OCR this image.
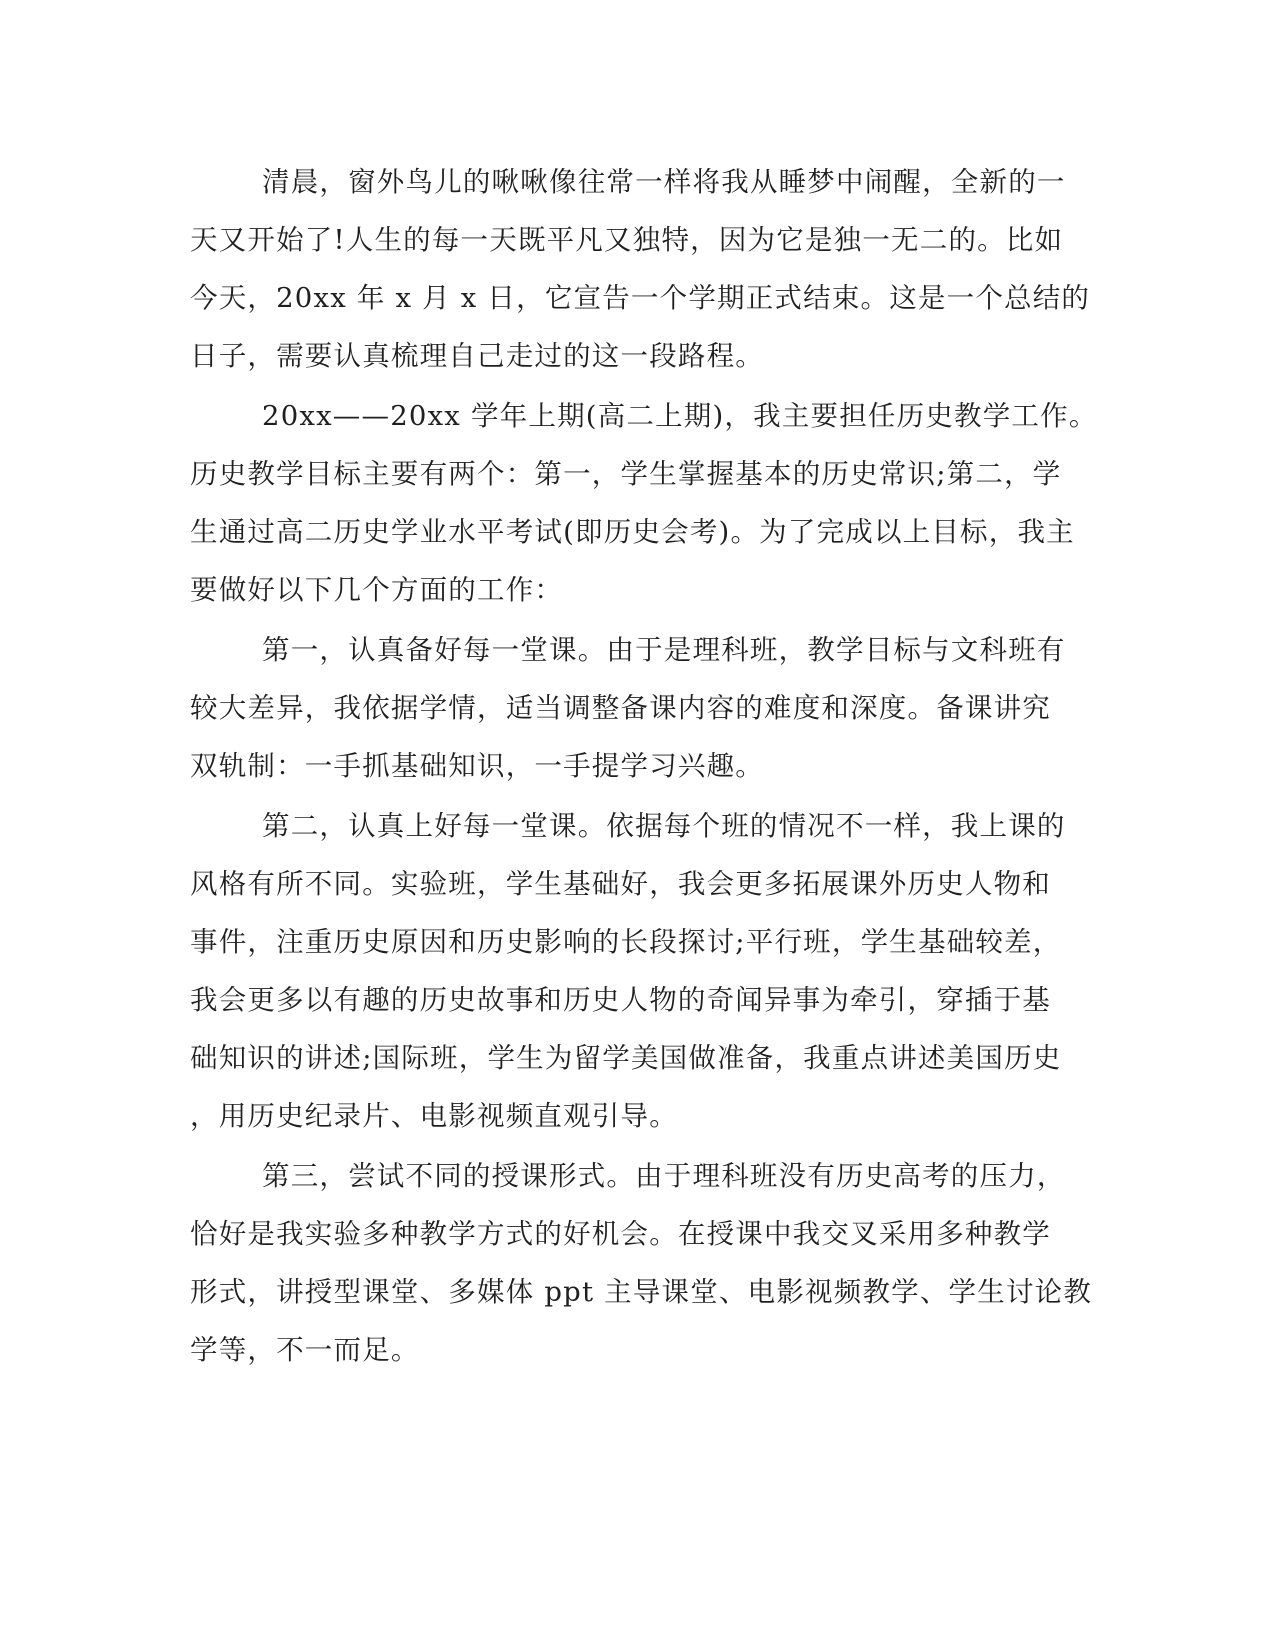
清晨，窗外鸟儿的啾啾像往常一样将我从睡梦中闹醒，全新的一
天又开始了!人生的每一天既平凡又独特，因为它是独一无二的。比如
今天，20xx 年 x 月 x 日，它宣告一个学期正式结束。这是一个总结的
日子，需要认真梳理自己走过的这一段路程。
20xx——20xx 学年上期(高二上期)，我主要担任历史教学工作。
历史教学目标主要有两个：第一，学生掌握基本的历史常识;第二，学
生通过高二历史学业水平考试(即历史会考)。为了完成以上目标，我主
要做好以下几个方面的工作：
第一，认真备好每一堂课。由于是理科班，教学目标与文科班有
较大差异，我依据学情，适当调整备课内容的难度和深度。备课讲究
双轨制：一手抓基础知识，一手提学习兴趣。
第二，认真上好每一堂课。依据每个班的情况不一样，我上课的
风格有所不同。实验班，学生基础好，我会更多拓展课外历史人物和
事件，注重历史原因和历史影响的长段探讨;平行班，学生基础较差，
我会更多以有趣的历史故事和历史人物的奇闻异事为牵引，穿插于基
础知识的讲述;国际班，学生为留学美国做准备，我重点讲述美国历史
，用历史纪录片、电影视频直观引导。
第三，尝试不同的授课形式。由于理科班没有历史高考的压力，
恰好是我实验多种教学方式的好机会。在授课中我交叉采用多种教学
形式，讲授型课堂、多媒体 ppt 主导课堂、电影视频教学、学生讨论教
学等，不一而足。
